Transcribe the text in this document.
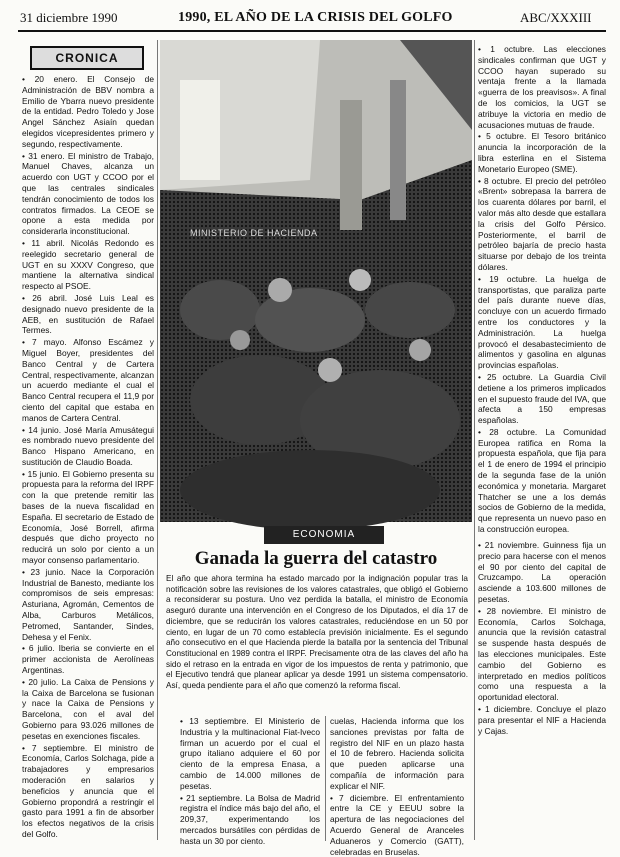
31 diciembre 1990	1990, EL AÑO DE LA CRISIS DEL GOLFO	ABC/XXXIII
CRONICA

• 20 enero. El Consejo de Administración de BBV nombra a Emilio de Ybarra nuevo presidente de la entidad. Pedro Toledo y Jose Angel Sánchez Asiaín quedan elegidos vicepresidentes primero y segundo, respectivamente.

• 31 enero. El ministro de Trabajo, Manuel Chaves, alcanza un acuerdo con UGT y CCOO por el que las centrales sindicales tendrán conocimiento de todos los contratos firmados. La CEOE se opone a esta medida por considerarla inconstitucional.

• 11 abril. Nicolás Redondo es reelegido secretario general de UGT en su XXXV Congreso, que mantiene la alternativa sindical respecto al PSOE.

• 26 abril. José Luis Leal es designado nuevo presidente de la AEB, en sustitución de Rafael Termes.

• 7 mayo. Alfonso Escámez y Miguel Boyer, presidentes del Banco Central y de Cartera Central, respectivamente, alcanzan un acuerdo mediante el cual el Banco Central recupera el 11,9 por ciento del capital que estaba en manos de Cartera Central.

• 14 junio. José María Amusátegui es nombrado nuevo presidente del Banco Hispano Americano, en sustitución de Claudio Boada.

• 15 junio. El Gobierno presenta su propuesta para la reforma del IRPF con la que pretende remitir las bases de la nueva fiscalidad en España. El secretario de Estado de Economía, José Borrell, afirma después que dicho proyecto no reducirá un solo por ciento a un mayor consenso parlamentario.

• 23 junio. Nace la Corporación Industrial de Banesto, mediante los compromisos de seis empresas: Asturiana, Agromán, Cementos de Alba, Carburos Metálicos, Petromed, Santander, Sindes, Dehesa y el Fenix.

• 6 julio. Iberia se convierte en el primer accionista de Aerolíneas Argentinas.

• 20 julio. La Caixa de Pensions y la Caixa de Barcelona se fusionan y nace la Caixa de Pensions y Barcelona, con el aval del Gobierno para 93.026 millones de pesetas en exenciones fiscales.

• 7 septiembre. El ministro de Economía, Carlos Solchaga, pide a trabajadores y empresarios moderación en salarios y beneficios y anuncia que el Gobierno propondrá a restringir el gasto para 1991 a fin de absorber los efectos negativos de la crisis del Golfo.

MINISTERIO DE HACIENDA

• 1 octubre. Las elecciones sindicales confirman que UGT y CCOO hayan superado su ventaja frente a la llamada «guerra de los preavisos». A final de los comicios, la UGT se atribuye la victoria en medio de acusaciones mutuas de fraude.

• 5 octubre. El Tesoro británico anuncia la incorporación de la libra esterlina en el Sistema Monetario Europeo (SME).

• 8 octubre. El precio del petróleo «Brent» sobrepasa la barrera de los cuarenta dólares por barril, el valor más alto desde que estallara la crisis del Golfo Pérsico. Posteriormente, el barril de petróleo bajaría de precio hasta situarse por debajo de los treinta dólares.

• 19 octubre. La huelga de transportistas, que paraliza parte del país durante nueve días, concluye con un acuerdo firmado entre los conductores y la Administración. La huelga provocó el desabastecimiento de alimentos y gasolina en algunas provincias españolas.

• 25 octubre. La Guardia Civil detiene a los primeros implicados en el supuesto fraude del IVA, que afecta a 150 empresas españolas.

• 28 octubre. La Comunidad Europea ratifica en Roma la propuesta española, que fija para el 1 de enero de 1994 el principio de la segunda fase de la unión económica y monetaria. Margaret Thatcher se une a los demás socios de Gobierno de la medida, que representa un nuevo paso en la construcción europea.

ECONOMIA
Ganada la guerra del catastro
El año que ahora termina ha estado marcado por la indignación popular tras la notificación sobre las revisiones de los valores catastrales, que obligó el Gobierno a reconsiderar su postura. Uno vez perdida la batalla, el ministro de Economía aseguró durante una intervención en el Congreso de los Diputados, el día 17 de diciembre, que se reducirán los valores catastrales, reduciéndose en un 50 por ciento, en lugar de un 70 como establecía previsión inicialmente. Es el segundo año consecutivo en el que Hacienda pierde la batalla por la sentencia del Tribunal Constitucional en 1989 contra el IRPF. Precisamente otra de las claves del año ha sido el retraso en la entrada en vigor de los impuestos de renta y patrimonio, que el Ejecutivo tendrá que planear aplicar ya desde 1991 un sistema compensatorio. Así, queda pendiente para el año que comenzó la reforma fiscal.

• 21 noviembre. Guinness fija un precio para hacerse con el menos el 90 por ciento del capital de Cruzcampo. La operación asciende a 103.600 millones de pesetas.

• 28 noviembre. El ministro de Economía, Carlos Solchaga, anuncia que la revisión catastral se suspende hasta después de las elecciones municipales. Este cambio del Gobierno es interpretado en medios políticos como una respuesta a la oportunidad electoral.

• 1 diciembre. Concluye el plazo para presentar el NIF a Hacienda y Cajas.

• 13 septiembre. El Ministerio de Industria y la multinacional Fiat-Iveco firman un acuerdo por el cual el grupo italiano adquiere el 60 por ciento de la empresa Enasa, a cambio de 14.000 millones de pesetas.

• 21 septiembre. La Bolsa de Madrid registra el índice más bajo del año, el 209,37, experimentando los mercados bursátiles con pérdidas de hasta un 30 por ciento.

cuelas, Hacienda informa que los sanciones previstas por falta de registro del NIF en un plazo hasta el 10 de febrero. Hacienda solicita que pueden aplicarse una compañía de información para explicar el NIF.

• 7 diciembre. El enfrentamiento entre la CE y EEUU sobre la apertura de las negociaciones del Acuerdo General de Aranceles Aduaneros y Comercio (GATT), celebradas en Bruselas.
